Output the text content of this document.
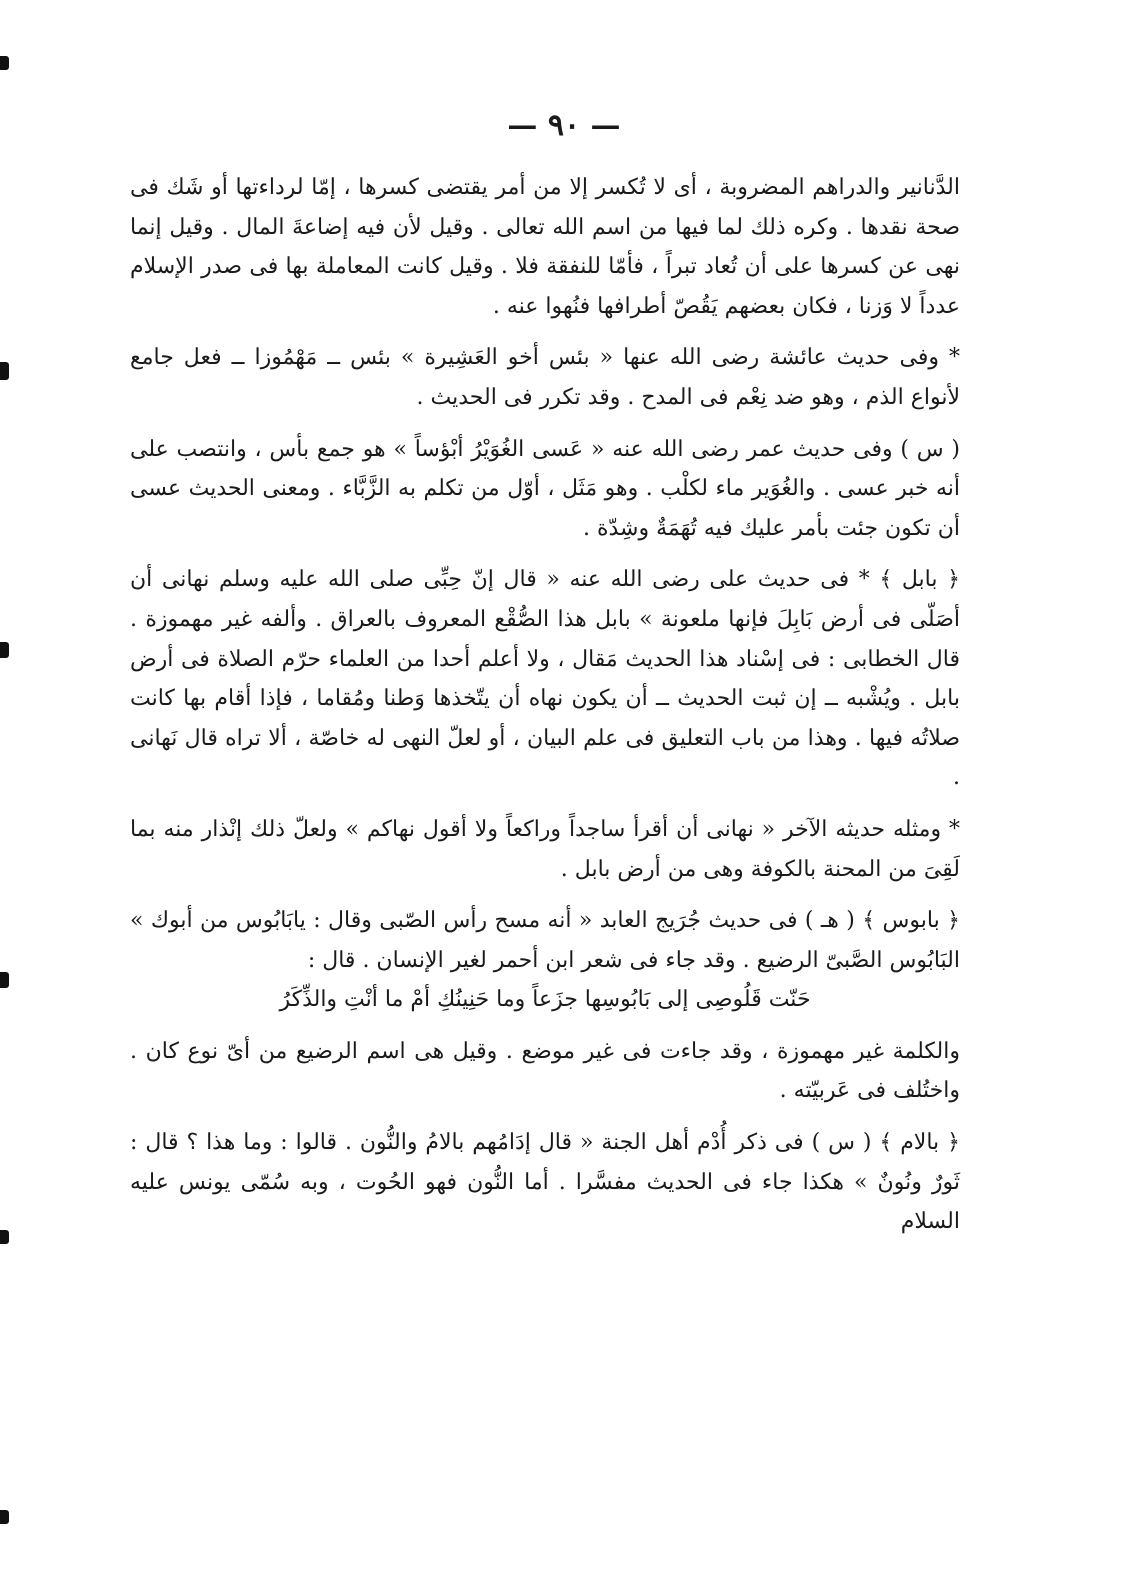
— ٩٠ —

الدَّنانير والدراهم المضروبة ، أى لا تُكسر إلا من أمر يقتضى كسرها ، إمّا لرداءتها أو شَك فى صحة نقدها . وكره ذلك لما فيها من اسم الله تعالى . وقيل لأن فيه إضاعةَ المال . وقيل إنما نهى عن كسرها على أن تُعاد تبراً ، فأمّا للنفقة فلا . وقيل كانت المعاملة بها فى صدر الإسلام عدداً لا وَزنا ، فكان بعضهم يَقُصّ أطرافها فنُهوا عنه .

* وفى حديث عائشة رضى الله عنها « بئس أخو العَشِيرة » بئس ــ مَهْمُوزا ــ فعل جامع لأنواع الذم ، وهو ضد نِعْم فى المدح . وقد تكرر فى الحديث .

( س ) وفى حديث عمر رضى الله عنه « عَسى الغُوَيْرُ أبْؤساً » هو جمع بأس ، وانتصب على أنه خبر عسى . والغُوَير ماء لكلْب . وهو مَثَل ، أوّل من تكلم به الزَّبَّاء . ومعنى الحديث عسى أن تكون جئت بأمر عليك فيه تُهَمَةٌ وشِدّة .

﴿ بابل ﴾ * فى حديث على رضى الله عنه « قال إنّ حِبِّى صلى الله عليه وسلم نهانى أن أصَلّى فى أرض بَابِلَ فإنها ملعونة » بابل هذا الصُّقْع المعروف بالعراق . وألفه غير مهموزة . قال الخطابى : فى إسْناد هذا الحديث مَقال ، ولا أعلم أحدا من العلماء حرّم الصلاة فى أرض بابل . ويُشْبه ــ إن ثبت الحديث ــ أن يكون نهاه أن يتّخذها وَطنا ومُقاما ، فإذا أقام بها كانت صلاتُه فيها . وهذا من باب التعليق فى علم البيان ، أو لعلّ النهى له خاصّة ، ألا تراه قال نَهانى .

* ومثله حديثه الآخر « نهانى أن أقرأ ساجداً وراكعاً ولا أقول نهاكم » ولعلّ ذلك إنْذار منه بما لَقِىَ من المحنة بالكوفة وهى من أرض بابل .

﴿ بابوس ﴾ ( هـ ) فى حديث جُرَيج العابد « أنه مسح رأس الصّبى وقال : يابَابُوس من أبوك » البَابُوس الصَّبىّ الرضيع . وقد جاء فى شعر ابن أحمر لغير الإنسان . قال :

حَنّت قَلُوصِى إلى بَابُوسِها جزَعاً وما حَنِينُكِ أمْ ما أنْتِ والذِّكَرُ

والكلمة غير مهموزة ، وقد جاءت فى غير موضع . وقيل هى اسم الرضيع من أىّ نوع كان . واختُلف فى عَربيّته .

﴿ بالام ﴾ ( س ) فى ذكر أُدْم أهل الجنة « قال إدَامُهم بالامُ والنُّون . قالوا : وما هذا ؟ قال : ثَورٌ ونُونٌ » هكذا جاء فى الحديث مفسَّرا . أما النُّون فهو الحُوت ، وبه سُمّى يونس عليه السلام
